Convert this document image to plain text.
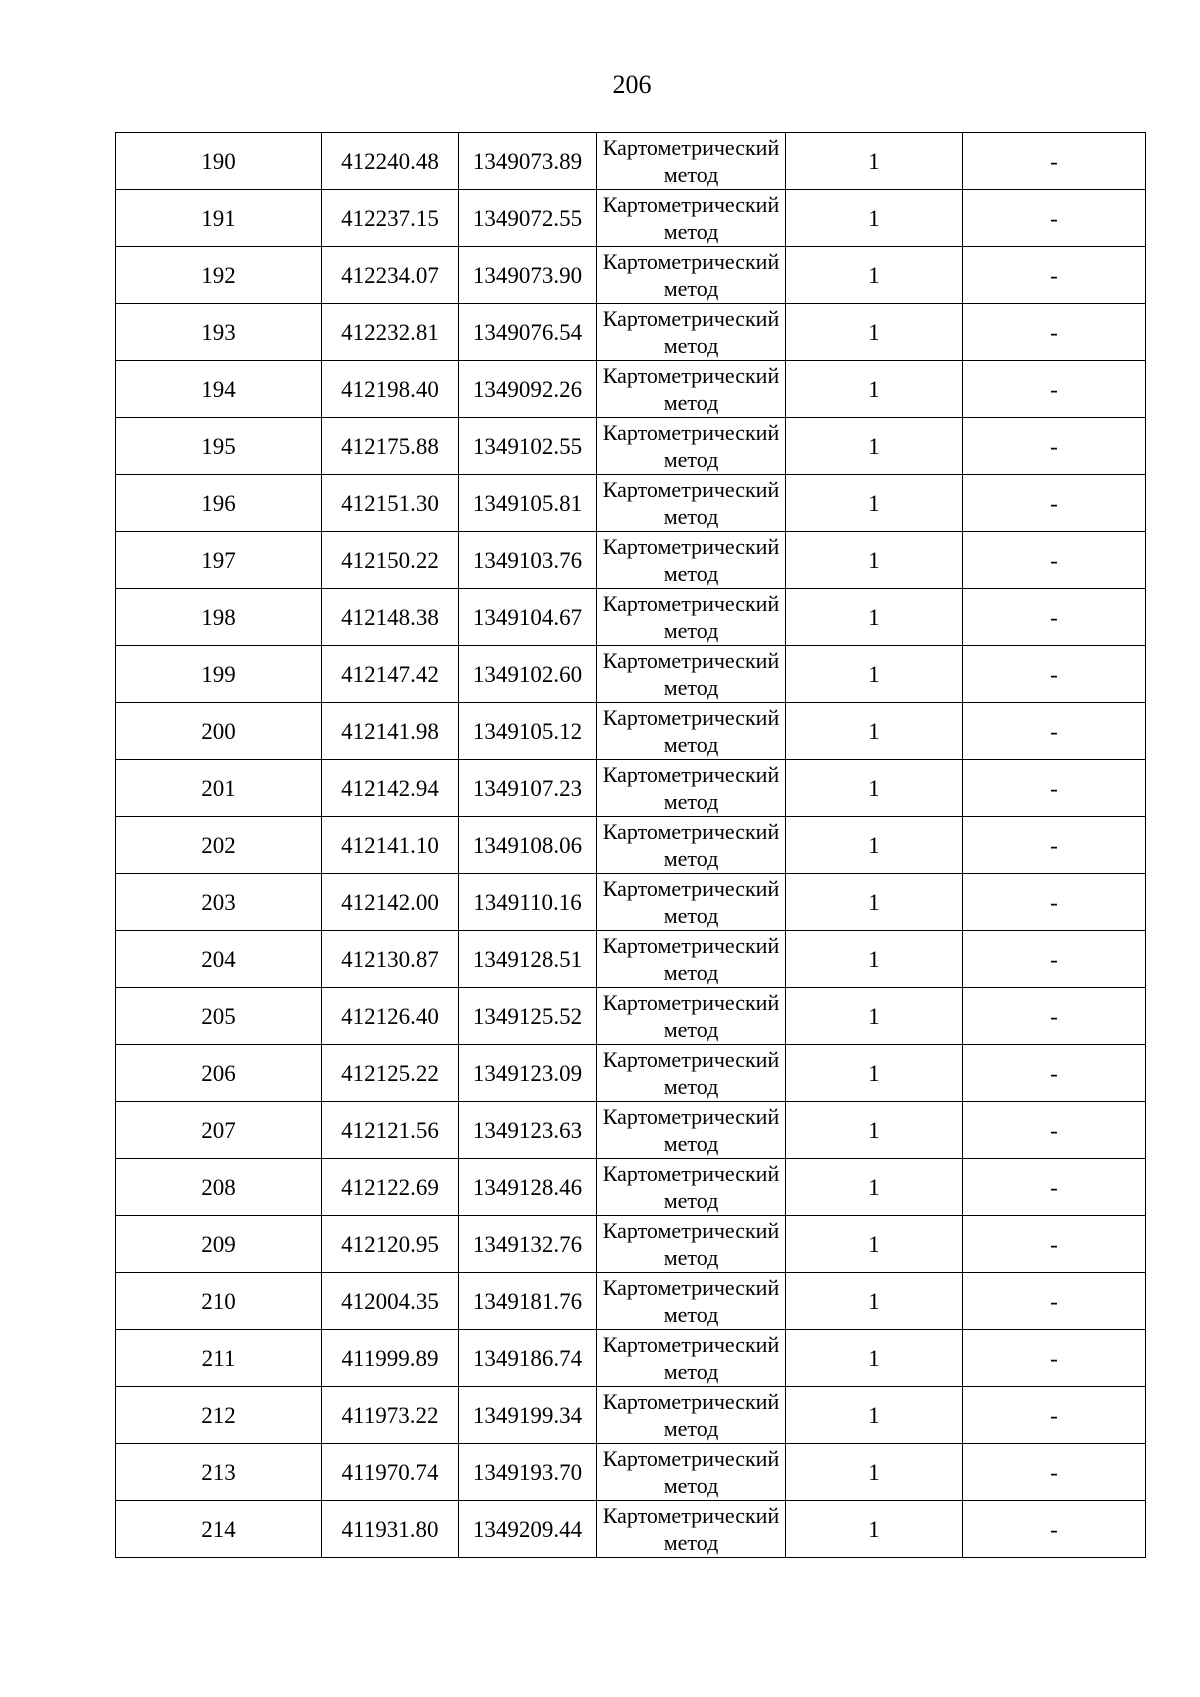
206
190	412240.48	1349073.89	Картометрический метод	1	-
191	412237.15	1349072.55	Картометрический метод	1	-
192	412234.07	1349073.90	Картометрический метод	1	-
193	412232.81	1349076.54	Картометрический метод	1	-
194	412198.40	1349092.26	Картометрический метод	1	-
195	412175.88	1349102.55	Картометрический метод	1	-
196	412151.30	1349105.81	Картометрический метод	1	-
197	412150.22	1349103.76	Картометрический метод	1	-
198	412148.38	1349104.67	Картометрический метод	1	-
199	412147.42	1349102.60	Картометрический метод	1	-
200	412141.98	1349105.12	Картометрический метод	1	-
201	412142.94	1349107.23	Картометрический метод	1	-
202	412141.10	1349108.06	Картометрический метод	1	-
203	412142.00	1349110.16	Картометрический метод	1	-
204	412130.87	1349128.51	Картометрический метод	1	-
205	412126.40	1349125.52	Картометрический метод	1	-
206	412125.22	1349123.09	Картометрический метод	1	-
207	412121.56	1349123.63	Картометрический метод	1	-
208	412122.69	1349128.46	Картометрический метод	1	-
209	412120.95	1349132.76	Картометрический метод	1	-
210	412004.35	1349181.76	Картометрический метод	1	-
211	411999.89	1349186.74	Картометрический метод	1	-
212	411973.22	1349199.34	Картометрический метод	1	-
213	411970.74	1349193.70	Картометрический метод	1	-
214	411931.80	1349209.44	Картометрический метод	1	-
